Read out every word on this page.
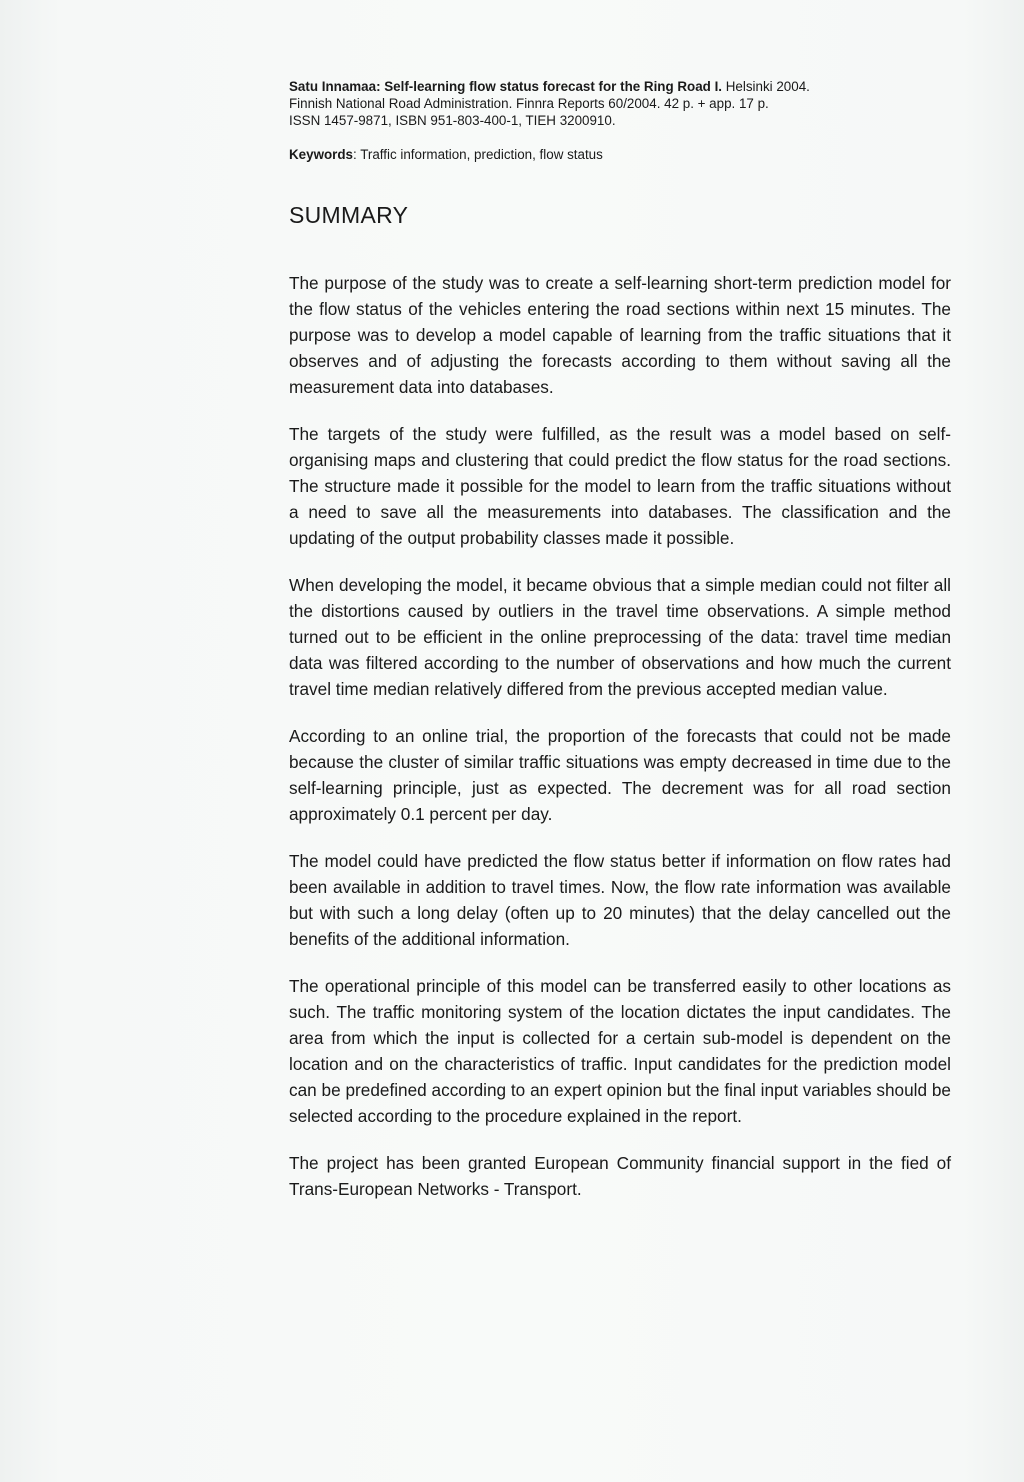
Satu Innamaa: Self-learning flow status forecast for the Ring Road I. Helsinki 2004.
Finnish National Road Administration. Finnra Reports 60/2004. 42 p. + app. 17 p.
ISSN 1457-9871, ISBN 951-803-400-1, TIEH 3200910.
Keywords: Traffic information, prediction, flow status
SUMMARY

The purpose of the study was to create a self-learning short-term prediction model for the flow status of the vehicles entering the road sections within next 15 minutes. The purpose was to develop a model capable of learning from the traffic situations that it observes and of adjusting the forecasts according to them without saving all the measurement data into databases.

The targets of the study were fulfilled, as the result was a model based on self-organising maps and clustering that could predict the flow status for the road sections. The structure made it possible for the model to learn from the traffic situations without a need to save all the measurements into databases. The classification and the updating of the output probability classes made it possible.

When developing the model, it became obvious that a simple median could not filter all the distortions caused by outliers in the travel time observations. A simple method turned out to be efficient in the online preprocessing of the data: travel time median data was filtered according to the number of observations and how much the current travel time median relatively differed from the previous accepted median value.

According to an online trial, the proportion of the forecasts that could not be made because the cluster of similar traffic situations was empty decreased in time due to the self-learning principle, just as expected. The decrement was for all road section approximately 0.1 percent per day.

The model could have predicted the flow status better if information on flow rates had been available in addition to travel times. Now, the flow rate information was available but with such a long delay (often up to 20 minutes) that the delay cancelled out the benefits of the additional information.

The operational principle of this model can be transferred easily to other locations as such. The traffic monitoring system of the location dictates the input candidates. The area from which the input is collected for a certain sub-model is dependent on the location and on the characteristics of traffic. Input candidates for the prediction model can be predefined according to an expert opinion but the final input variables should be selected according to the procedure explained in the report.

The project has been granted European Community financial support in the fied of Trans-European Networks - Transport.
